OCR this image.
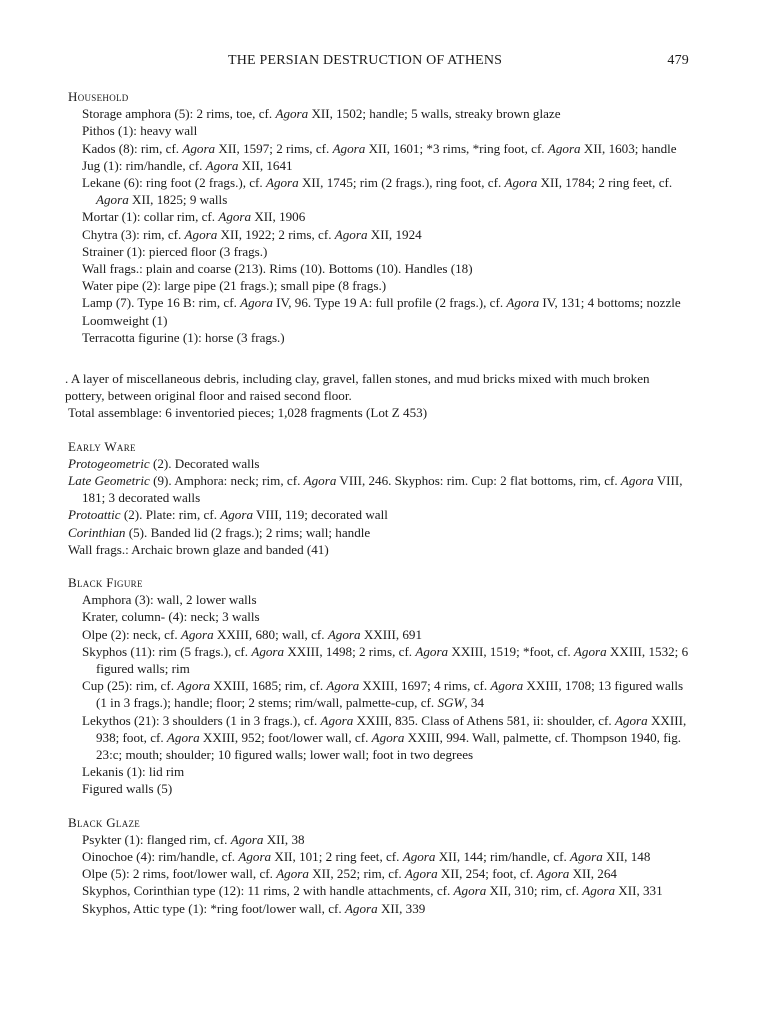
THE PERSIAN DESTRUCTION OF ATHENS	479
Household
Storage amphora (5): 2 rims, toe, cf. Agora XII, 1502; handle; 5 walls, streaky brown glaze
Pithos (1): heavy wall
Kados (8): rim, cf. Agora XII, 1597; 2 rims, cf. Agora XII, 1601; *3 rims, *ring foot, cf. Agora XII, 1603; handle
Jug (1): rim/handle, cf. Agora XII, 1641
Lekane (6): ring foot (2 frags.), cf. Agora XII, 1745; rim (2 frags.), ring foot, cf. Agora XII, 1784; 2 ring feet, cf. Agora XII, 1825; 9 walls
Mortar (1): collar rim, cf. Agora XII, 1906
Chytra (3): rim, cf. Agora XII, 1922; 2 rims, cf. Agora XII, 1924
Strainer (1): pierced floor (3 frags.)
Wall frags.: plain and coarse (213). Rims (10). Bottoms (10). Handles (18)
Water pipe (2): large pipe (21 frags.); small pipe (8 frags.)
Lamp (7). Type 16 B: rim, cf. Agora IV, 96. Type 19 A: full profile (2 frags.), cf. Agora IV, 131; 4 bottoms; nozzle
Loomweight (1)
Terracotta figurine (1): horse (3 frags.)

. A layer of miscellaneous debris, including clay, gravel, fallen stones, and mud bricks mixed with much broken pottery, between original floor and raised second floor.

Total assemblage: 6 inventoried pieces; 1,028 fragments (Lot Z 453)

Early Ware
Protogeometric (2). Decorated walls
Late Geometric (9). Amphora: neck; rim, cf. Agora VIII, 246. Skyphos: rim. Cup: 2 flat bottoms, rim, cf. Agora VIII, 181; 3 decorated walls
Protoattic (2). Plate: rim, cf. Agora VIII, 119; decorated wall
Corinthian (5). Banded lid (2 frags.); 2 rims; wall; handle
Wall frags.: Archaic brown glaze and banded (41)
Black Figure
Amphora (3): wall, 2 lower walls
Krater, column- (4): neck; 3 walls
Olpe (2): neck, cf. Agora XXIII, 680; wall, cf. Agora XXIII, 691
Skyphos (11): rim (5 frags.), cf. Agora XXIII, 1498; 2 rims, cf. Agora XXIII, 1519; *foot, cf. Agora XXIII, 1532; 6 figured walls; rim
Cup (25): rim, cf. Agora XXIII, 1685; rim, cf. Agora XXIII, 1697; 4 rims, cf. Agora XXIII, 1708; 13 figured walls (1 in 3 frags.); handle; floor; 2 stems; rim/wall, palmette-cup, cf. SGW, 34
Lekythos (21): 3 shoulders (1 in 3 frags.), cf. Agora XXIII, 835. Class of Athens 581, ii: shoulder, cf. Agora XXIII, 938; foot, cf. Agora XXIII, 952; foot/lower wall, cf. Agora XXIII, 994. Wall, palmette, cf. Thompson 1940, fig. 23:c; mouth; shoulder; 10 figured walls; lower wall; foot in two degrees
Lekanis (1): lid rim
Figured walls (5)
Black Glaze
Psykter (1): flanged rim, cf. Agora XII, 38
Oinochoe (4): rim/handle, cf. Agora XII, 101; 2 ring feet, cf. Agora XII, 144; rim/handle, cf. Agora XII, 148
Olpe (5): 2 rims, foot/lower wall, cf. Agora XII, 252; rim, cf. Agora XII, 254; foot, cf. Agora XII, 264
Skyphos, Corinthian type (12): 11 rims, 2 with handle attachments, cf. Agora XII, 310; rim, cf. Agora XII, 331
Skyphos, Attic type (1): *ring foot/lower wall, cf. Agora XII, 339
